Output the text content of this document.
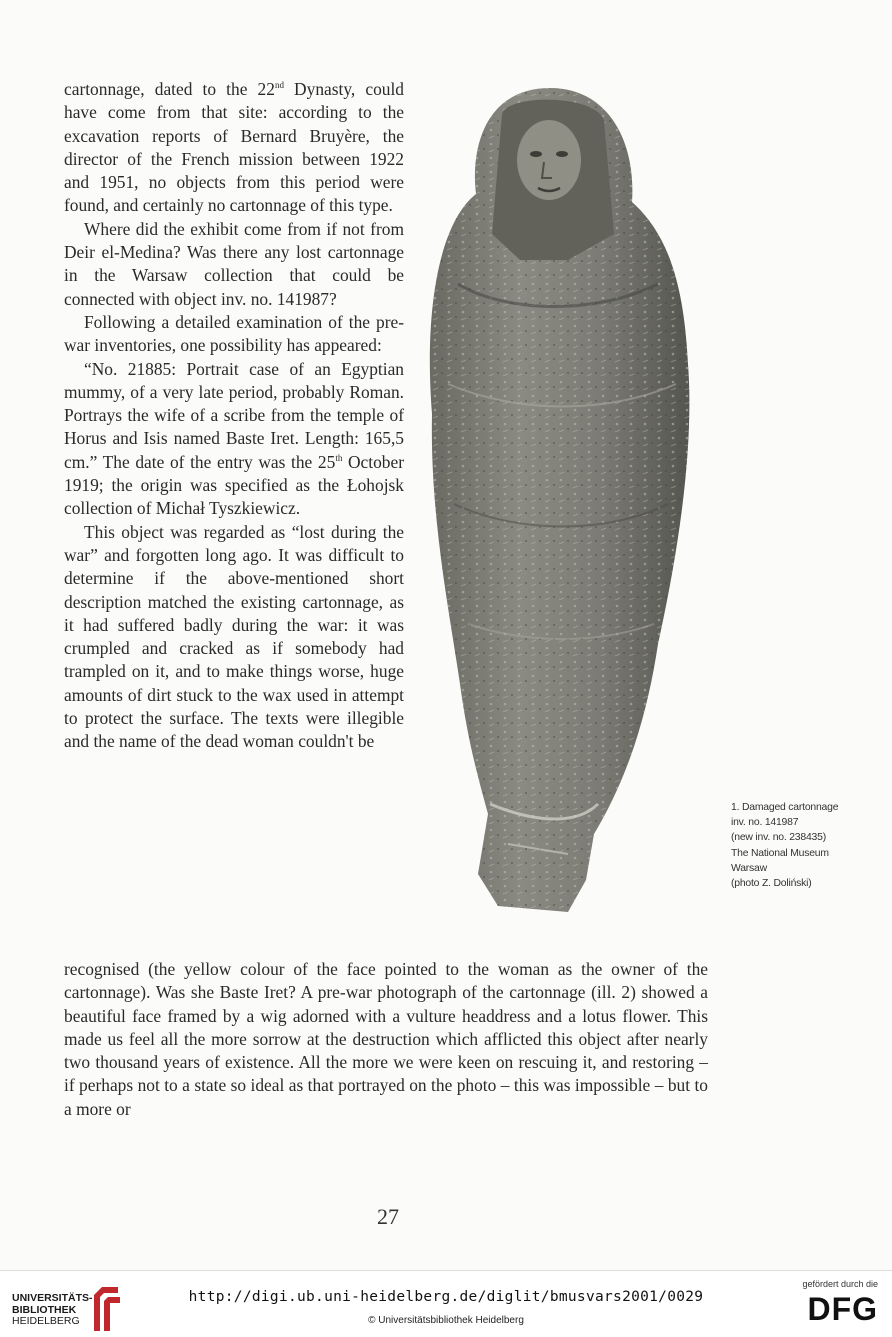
cartonnage, dated to the 22nd Dynasty, could have come from that site: according to the excavation reports of Bernard Bruyère, the director of the French mission between 1922 and 1951, no objects from this period were found, and certainly no cartonnage of this type.

Where did the exhibit come from if not from Deir el-Medina? Was there any lost cartonnage in the Warsaw collection that could be connected with object inv. no. 141987?

Following a detailed examination of the pre-war inventories, one possibility has appeared:

“No. 21885: Portrait case of an Egyptian mummy, of a very late period, probably Roman. Portrays the wife of a scribe from the temple of Horus and Isis named Baste Iret. Length: 165,5 cm.” The date of the entry was the 25th October 1919; the origin was specified as the Łohojsk collection of Michał Tyszkiewicz.

This object was regarded as “lost during the war” and forgotten long ago. It was difficult to determine if the above-mentioned short description matched the existing cartonnage, as it had suffered badly during the war: it was crumpled and cracked as if somebody had trampled on it, and to make things worse, huge amounts of dirt stuck to the wax used in attempt to protect the surface. The texts were illegible and the name of the dead woman couldn't be

recognised (the yellow colour of the face pointed to the woman as the owner of the cartonnage). Was she Baste Iret? A pre-war photograph of the cartonnage (ill. 2) showed a beautiful face framed by a wig adorned with a vulture headdress and a lotus flower. This made us feel all the more sorrow at the destruction which afflicted this object after nearly two thousand years of existence. All the more we were keen on rescuing it, and restoring – if perhaps not to a state so ideal as that portrayed on the photo – this was impossible – but to a more or

1. Damaged cartonnage
inv. no. 141987
(new inv. no. 238435)
The National Museum
Warsaw
(photo Z. Doliński)
27
UNIVERSITÄTS-
BIBLIOTHEK
HEIDELBERG
http://digi.ub.uni-heidelberg.de/diglit/bmusvars2001/0029
© Universitätsbibliothek Heidelberg
gefördert durch die
DFG
